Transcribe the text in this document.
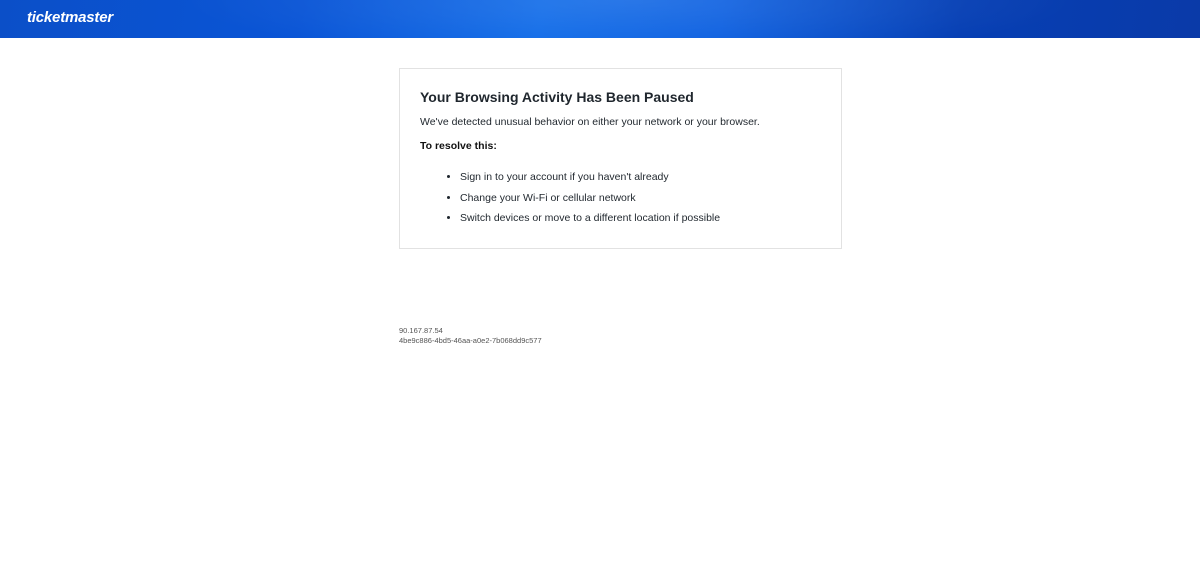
ticketmaster
Your Browsing Activity Has Been Paused

We've detected unusual behavior on either your network or your browser.

To resolve this:

• Sign in to your account if you haven't already
• Change your Wi-Fi or cellular network
• Switch devices or move to a different location if possible
90.167.87.54
4be9c886-4bd5-46aa-a0e2-7b068dd9c577
